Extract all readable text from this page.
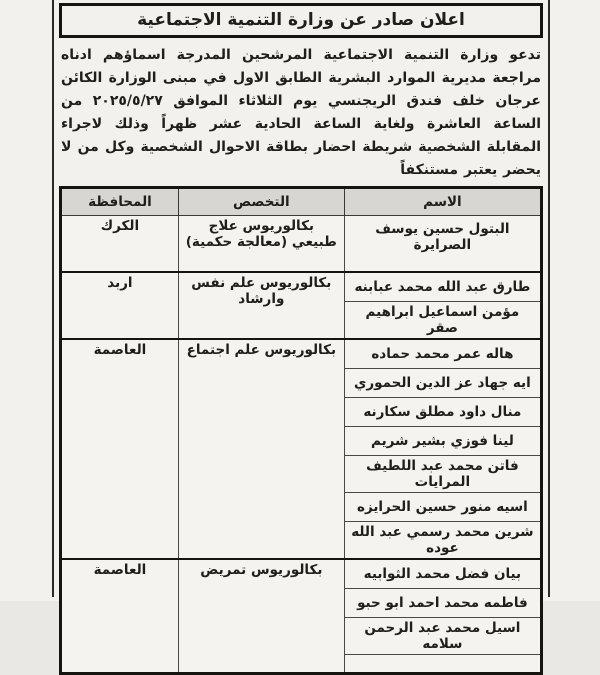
اعلان صادر عن وزارة التنمية الاجتماعية
تدعو وزارة التنمية الاجتماعية المرشحين المدرجة اسماؤهم ادناه مراجعة مديرية الموارد البشرية الطابق الاول في مبنى الوزارة الكائن عرجان خلف فندق الريجنسي يوم الثلاثاء الموافق ٢٠٢٥/٥/٢٧ من الساعة العاشرة ولغاية الساعة الحادية عشر ظهراً وذلك لاجراء المقابلة الشخصية شريطة احضار بطاقة الاحوال الشخصية وكل من لا يحضر يعتبر مستنكفاً
الاسم	التخصص	المحافظة
البتول حسين يوسف الصرايرة	بكالوريوس علاج طبيعي (معالجة حكمية)	الكرك
طارق عبد الله محمد عبابنه	بكالوريوس علم نفس وارشاد	اربد
مؤمن اسماعيل ابراهيم صقر		
هاله عمر محمد حماده	بكالوريوس علم اجتماع	العاصمة
ايه جهاد عز الدين الحموري		
منال داود مطلق سكارنه		
لينا فوزي بشير شريم		
فاتن محمد عبد اللطيف المرايات		
اسيه منور حسين الحرايزه		
شرين محمد رسمي عبد الله عوده		
بيان فضل محمد الثوابيه	بكالوريوس تمريض	العاصمة
فاطمه محمد احمد ابو حبو		
اسيل محمد عبد الرحمن سلامه		
